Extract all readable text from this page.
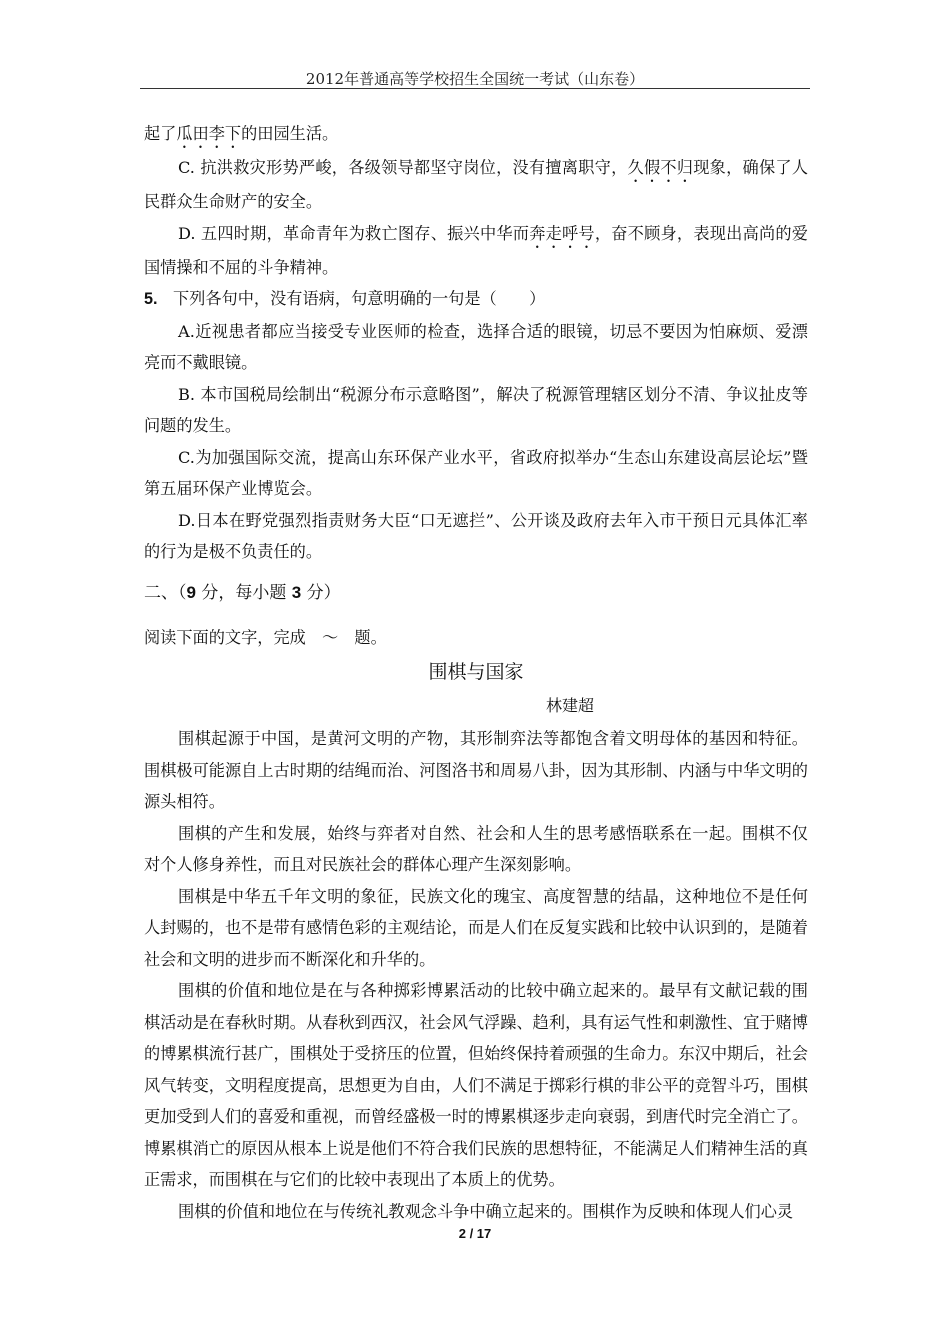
2012年普通高等学校招生全国统一考试（山东卷）

起了瓜田李下的田园生活。

C. 抗洪救灾形势严峻，各级领导都坚守岗位，没有擅离职守，久假不归现象，确保了人民群众生命财产的安全。

D. 五四时期，革命青年为救亡图存、振兴中华而奔走呼号，奋不顾身，表现出高尚的爱国情操和不屈的斗争精神。

5. 下列各句中，没有语病，句意明确的一句是（　　）

A.近视患者都应当接受专业医师的检查，选择合适的眼镜，切忌不要因为怕麻烦、爱漂亮而不戴眼镜。

B. 本市国税局绘制出“税源分布示意略图”，解决了税源管理辖区划分不清、争议扯皮等问题的发生。

C.为加强国际交流，提高山东环保产业水平，省政府拟举办“生态山东建设高层论坛”暨第五届环保产业博览会。

D.日本在野党强烈指责财务大臣“口无遮拦”、公开谈及政府去年入市干预日元具体汇率的行为是极不负责任的。

二、（9 分，每小题 3 分）

阅读下面的文字，完成　～　题。

围棋与国家
林建超

围棋起源于中国，是黄河文明的产物，其形制弈法等都饱含着文明母体的基因和特征。围棋极可能源自上古时期的结绳而治、河图洛书和周易八卦，因为其形制、内涵与中华文明的源头相符。

围棋的产生和发展，始终与弈者对自然、社会和人生的思考感悟联系在一起。围棋不仅对个人修身养性，而且对民族社会的群体心理产生深刻影响。

围棋是中华五千年文明的象征，民族文化的瑰宝、高度智慧的结晶，这种地位不是任何人封赐的，也不是带有感情色彩的主观结论，而是人们在反复实践和比较中认识到的，是随着社会和文明的进步而不断深化和升华的。

围棋的价值和地位是在与各种掷彩博累活动的比较中确立起来的。最早有文献记载的围棋活动是在春秋时期。从春秋到西汉，社会风气浮躁、趋利，具有运气性和刺激性、宜于赌博的博累棋流行甚广，围棋处于受挤压的位置，但始终保持着顽强的生命力。东汉中期后，社会风气转变，文明程度提高，思想更为自由，人们不满足于掷彩行棋的非公平的竞智斗巧，围棋更加受到人们的喜爱和重视，而曾经盛极一时的博累棋逐步走向衰弱，到唐代时完全消亡了。博累棋消亡的原因从根本上说是他们不符合我们民族的思想特征，不能满足人们精神生活的真正需求，而围棋在与它们的比较中表现出了本质上的优势。

围棋的价值和地位在与传统礼教观念斗争中确立起来的。围棋作为反映和体现人们心灵

2 / 17
